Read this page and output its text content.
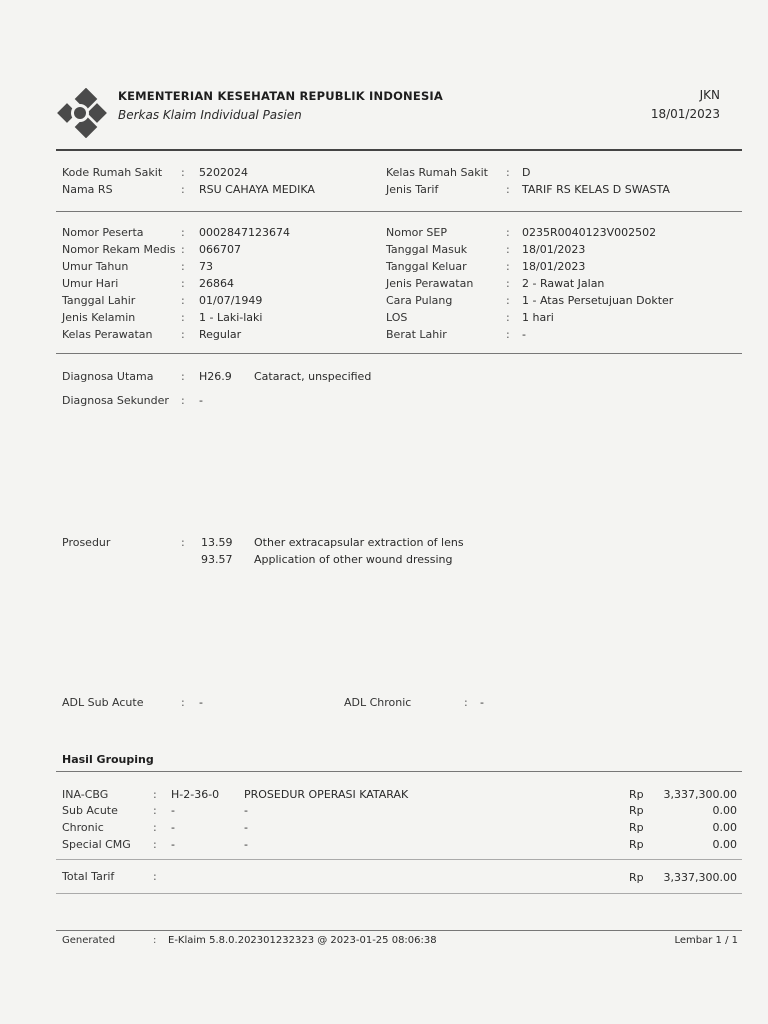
KEMENTERIAN KESEHATAN REPUBLIK INDONESIA
Berkas Klaim Individual Pasien
JKN
18/01/2023
Kode Rumah Sakit : 5202024
Nama RS	: RSU CAHAYA MEDIKA
Kelas Rumah Sakit : D
Jenis Tarif	: TARIF RS KELAS D SWASTA
Nomor Peserta	: 0002847123674
Nomor Rekam Medis : 066707
Umur Tahun	: 73
Umur Hari	: 26864
Tanggal Lahir	: 01/07/1949
Jenis Kelamin	: 1 - Laki-laki
Kelas Perawatan	: Regular
Nomor SEP	: 0235R0040123V002502
Tanggal Masuk	: 18/01/2023
Tanggal Keluar	: 18/01/2023
Jenis Perawatan	: 2 - Rawat Jalan
Cara Pulang	: 1 - Atas Persetujuan Dokter
LOS	: 1 hari
Berat Lahir	: -
Diagnosa Utama	: H26.9 Cataract, unspecified
Diagnosa Sekunder : -
Prosedur	: 13.59 Other extracapsular extraction of lens
93.57 Application of other wound dressing
ADL Sub Acute	: -	ADL Chronic	: -
Hasil Grouping
INA-CBG	: H-2-36-0 PROSEDUR OPERASI KATARAK	Rp 3,337,300.00
Sub Acute	: -	-	Rp	0.00
Chronic	: -	-	Rp	0.00
Special CMG : -	-	Rp	0.00
Total Tarif	:	Rp 3,337,300.00
Generated	: E-Klaim 5.8.0.202301232323 @ 2023-01-25 08:06:38	Lembar 1 / 1
